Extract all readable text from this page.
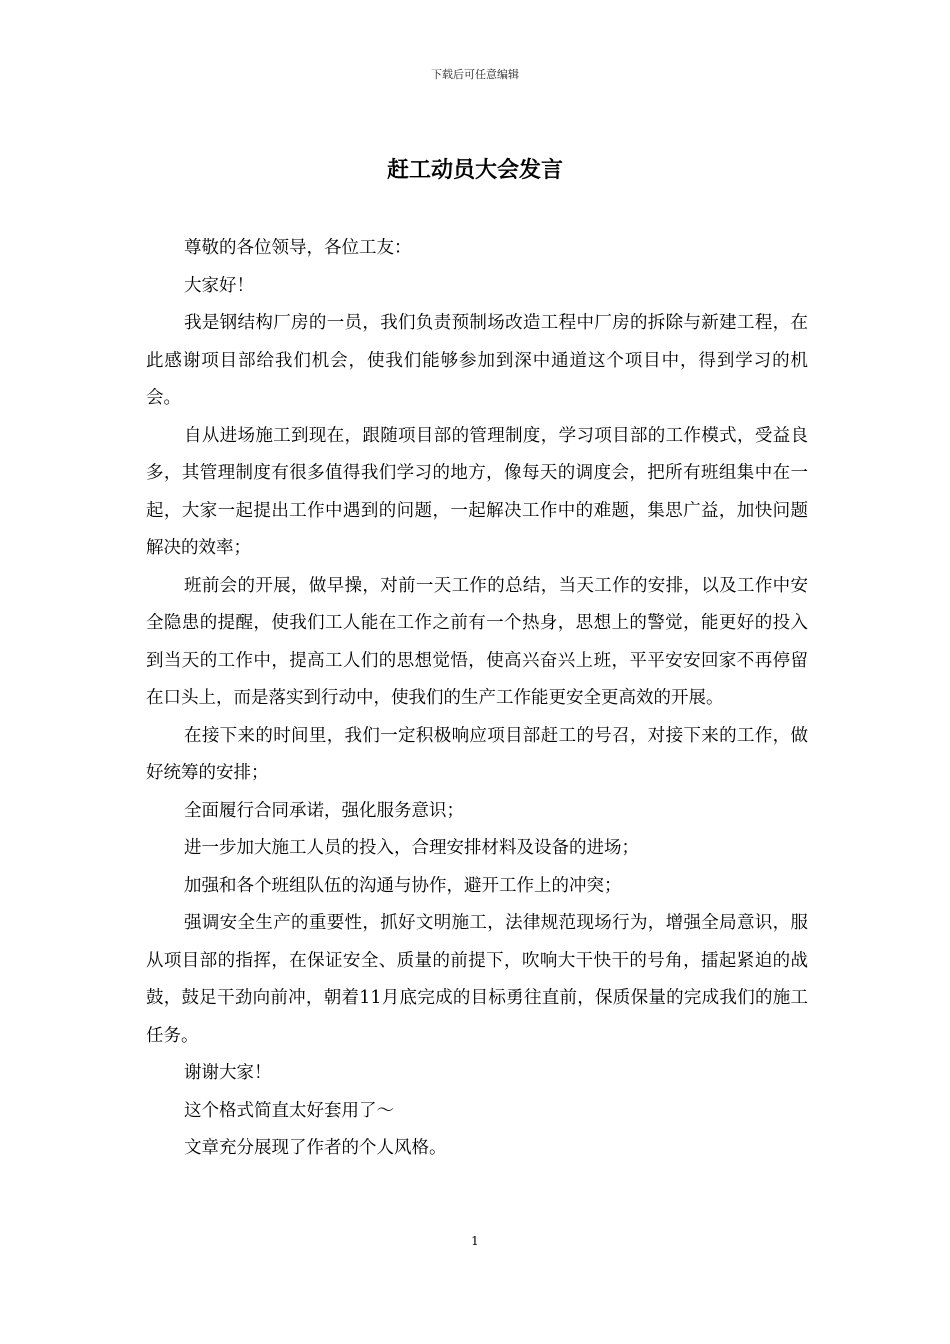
下载后可任意编辑
赶工动员大会发言

尊敬的各位领导，各位工友：

大家好！

我是钢结构厂房的一员，我们负责预制场改造工程中厂房的拆除与新建工程，在此感谢项目部给我们机会，使我们能够参加到深中通道这个项目中，得到学习的机会。

自从进场施工到现在，跟随项目部的管理制度，学习项目部的工作模式，受益良多，其管理制度有很多值得我们学习的地方，像每天的调度会，把所有班组集中在一起，大家一起提出工作中遇到的问题，一起解决工作中的难题，集思广益，加快问题解决的效率；

班前会的开展，做早操，对前一天工作的总结，当天工作的安排，以及工作中安全隐患的提醒，使我们工人能在工作之前有一个热身，思想上的警觉，能更好的投入到当天的工作中，提高工人们的思想觉悟，使高兴奋兴上班，平平安安回家不再停留在口头上，而是落实到行动中，使我们的生产工作能更安全更高效的开展。

在接下来的时间里，我们一定积极响应项目部赶工的号召，对接下来的工作，做好统筹的安排；

全面履行合同承诺，强化服务意识；

进一步加大施工人员的投入，合理安排材料及设备的进场；

加强和各个班组队伍的沟通与协作，避开工作上的冲突；

强调安全生产的重要性，抓好文明施工，法律规范现场行为，增强全局意识，服从项目部的指挥，在保证安全、质量的前提下，吹响大干快干的号角，擂起紧迫的战鼓，鼓足干劲向前冲，朝着11月底完成的目标勇往直前，保质保量的完成我们的施工任务。

谢谢大家！

这个格式简直太好套用了～

文章充分展现了作者的个人风格。

1
